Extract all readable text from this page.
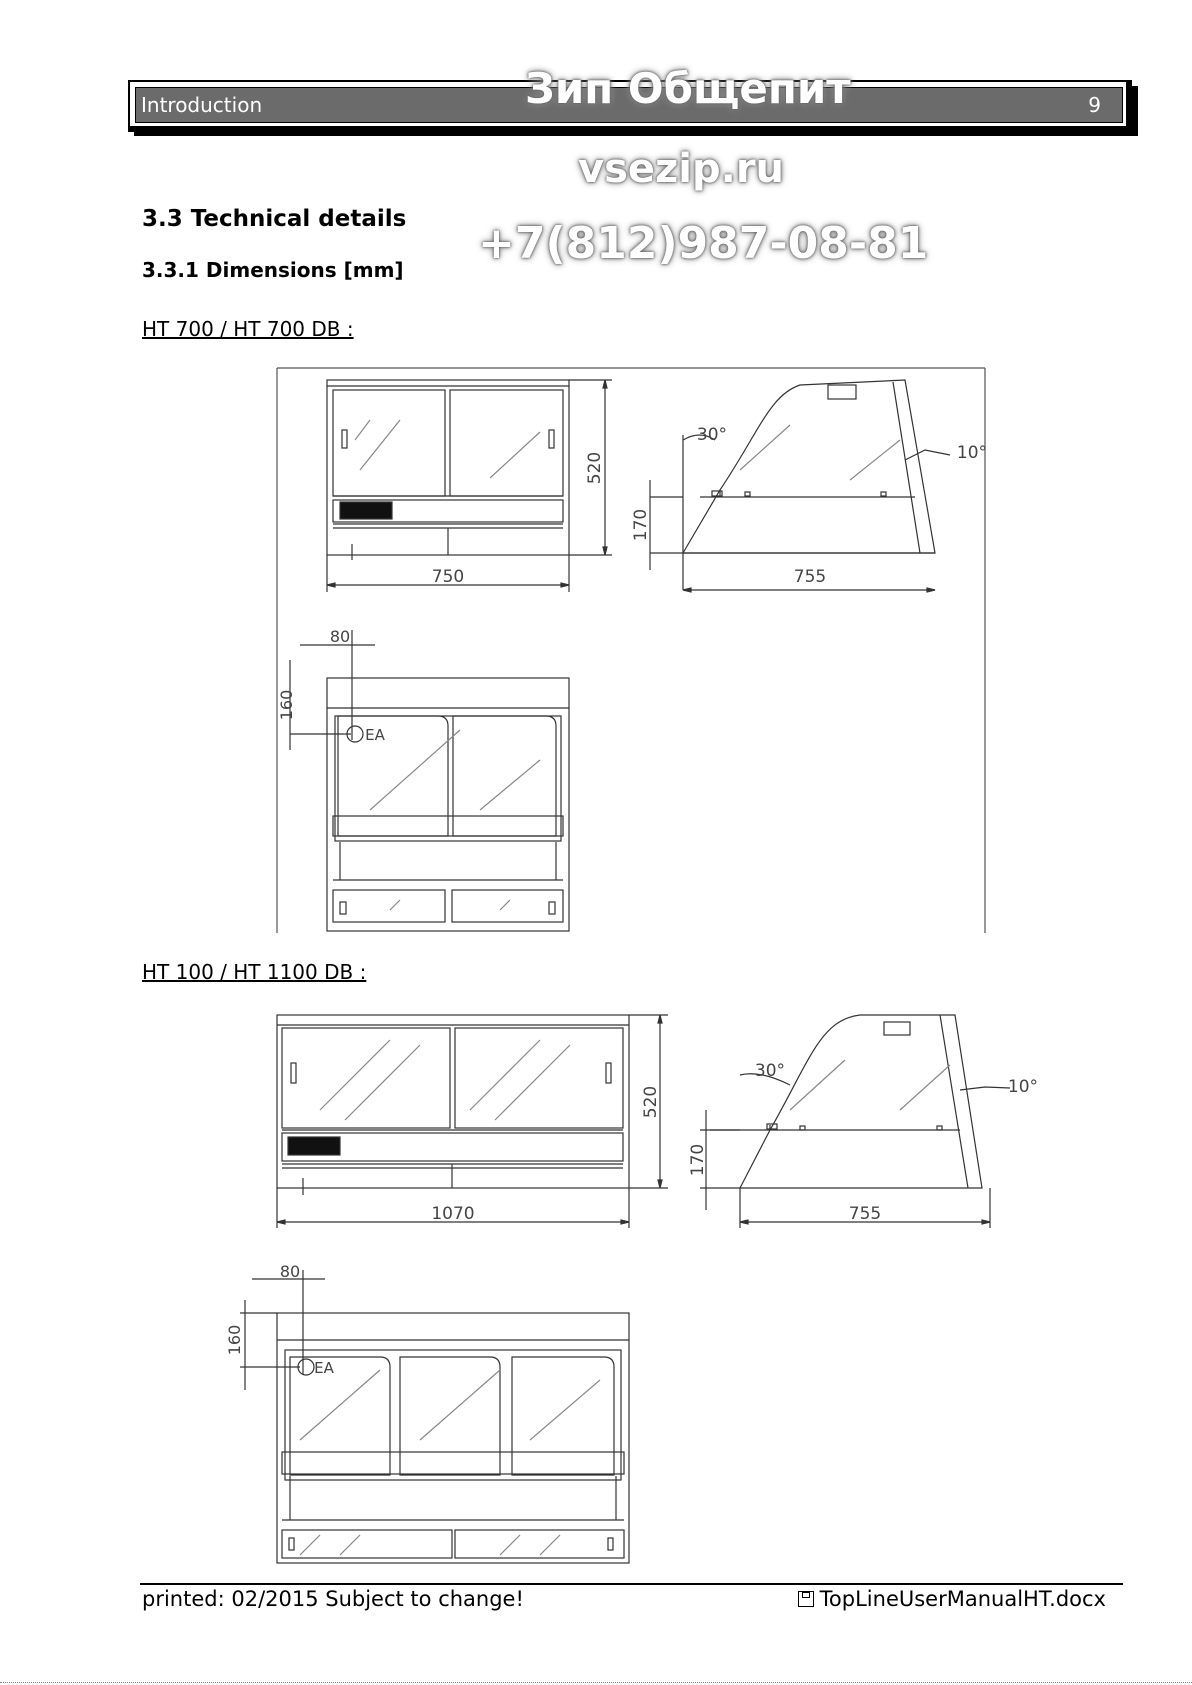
Introduction	9
3.3 Technical details
3.3.1 Dimensions [mm]
HT 700 / HT 700 DB :
HT 100 / HT 1100 DB :
750
520
755
170
30°
10°
80
160
EA
1070
520
755
170
30°
10°
80
160
EA
Зип Общепит
vsezip.ru
+7(812)987-08-81
printed: 02/2015 Subject to change!	TopLineUserManualHT.docx
